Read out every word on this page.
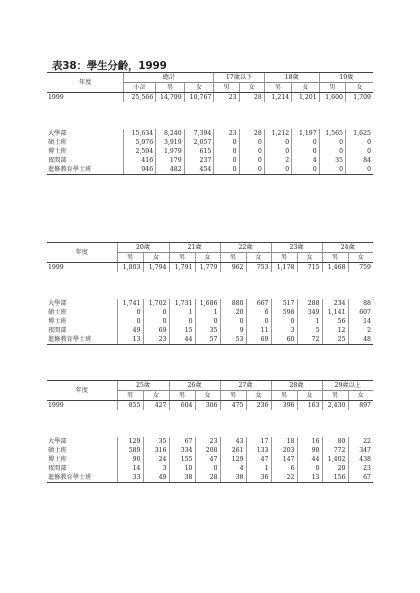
表38：學生分齡，1999
年度	總計			17歲以下		18歲		19歲	
	小計	男	女	男	女	男	女	男	女
1999	25,566	14,799	10,767	23	28	1,214	1,201	1,600	1,709

大學部	15,634	8,240	7,394	23	28	1,212	1,197	1,565	1,625
碩士班	5,976	3,919	2,057	0	0	0	0	0	0
博士班	2,594	1,979	615	0	0	0	0	0	0
夜間部	416	179	237	0	0	2	4	35	84
進修教育學士班	946	482	454	0	0	0	0	0	0
年度	20歲		21歲		22歲		23歲		24歲	
	男	女	男	女	男	女	男	女	男	女
1999	1,803	1,794	1,791	1,779	962	753	1,178	715	1,468	759

大學部	1,741	1,702	1,731	1,686	880	667	517	288	234	88
碩士班	0	0	1	1	20	6	598	349	1,141	607
博士班	0	0	0	0	0	0	0	1	56	14
夜間部	49	69	15	35	9	11	3	5	12	2
進修教育學士班	13	23	44	57	53	69	60	72	25	48
年度	25歲		26歲		27歲		28歲		29歲以上	
	男	女	男	女	男	女	男	女	男	女
1999	855	427	604	306	475	236	396	163	2,430	897

大學部	129	35	67	23	43	17	18	16	80	22
碩士班	589	316	334	208	261	133	203	90	772	347
博士班	90	24	155	47	129	47	147	44	1,402	438
夜間部	14	3	10	0	4	1	6	0	20	23
進修教育學士班	33	49	38	28	38	36	22	13	156	67
